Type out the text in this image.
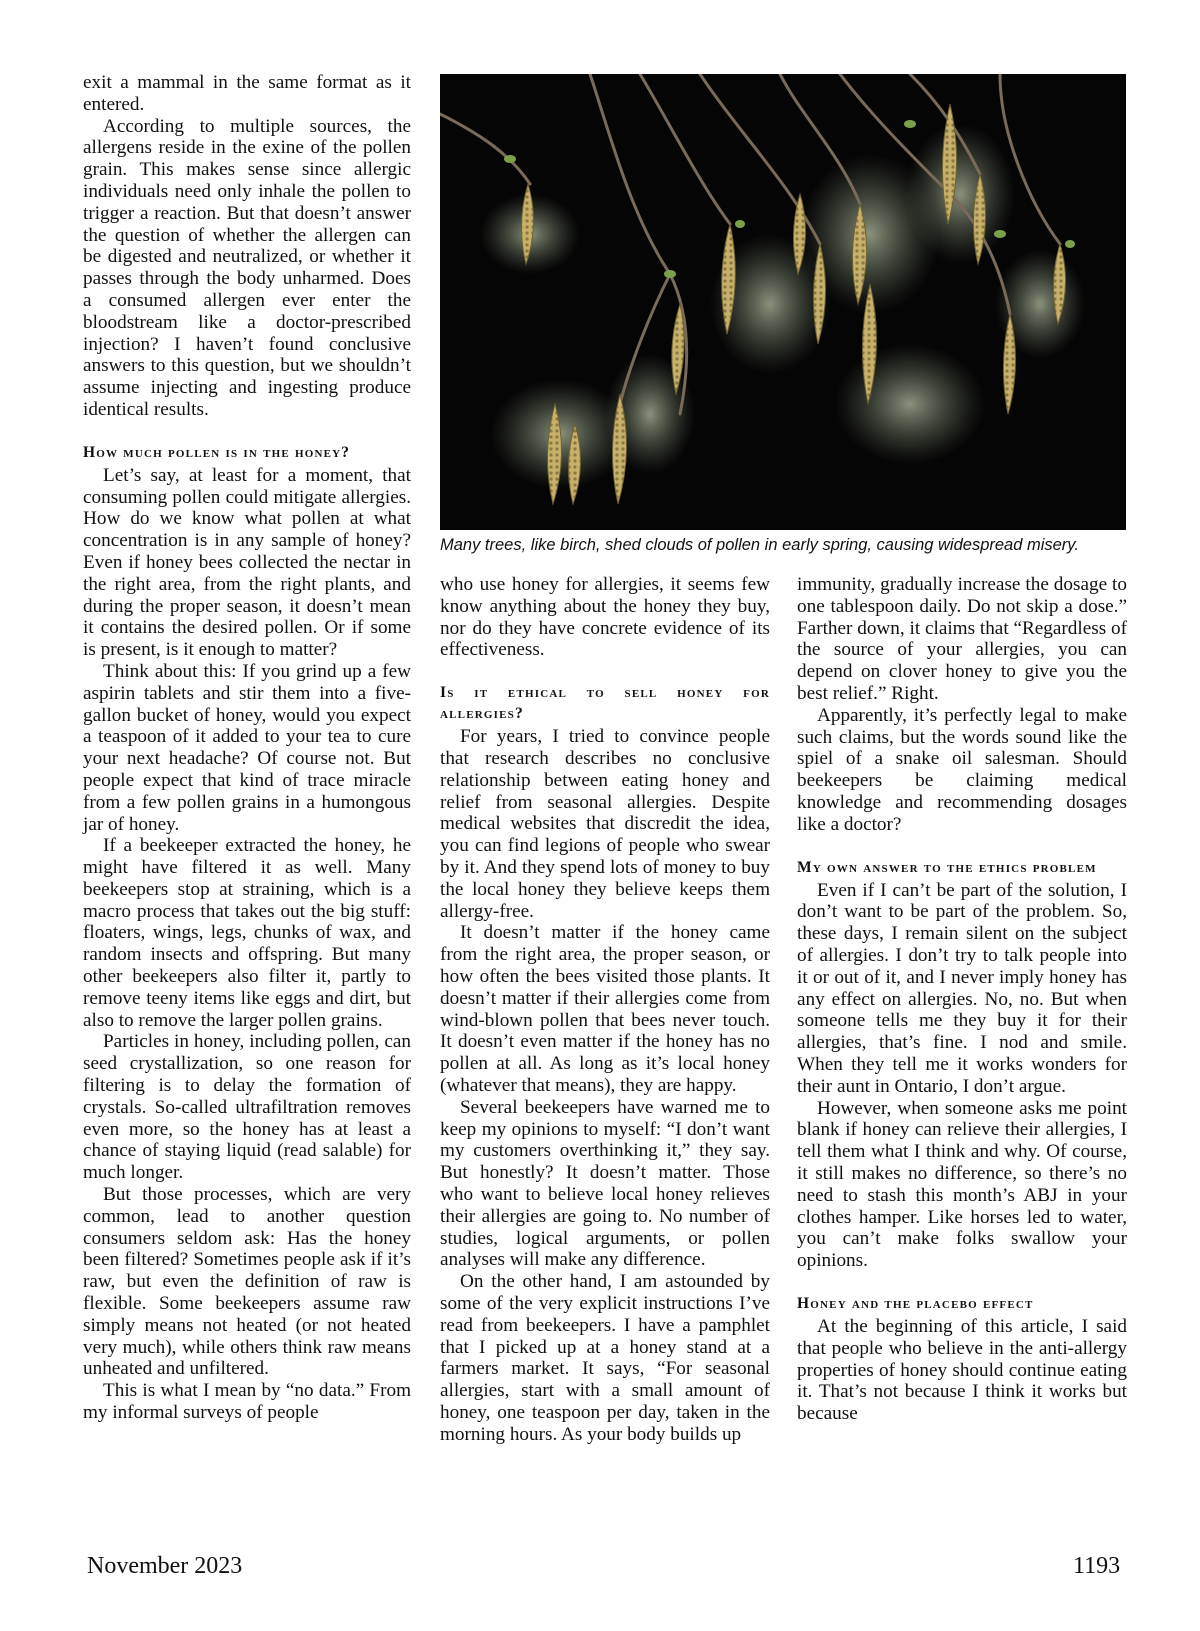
exit a mammal in the same format as it entered.

According to multiple sources, the allergens reside in the exine of the pollen grain. This makes sense since allergic individuals need only inhale the pollen to trigger a reaction. But that doesn’t answer the question of whether the allergen can be digested and neutralized, or whether it passes through the body unharmed. Does a consumed allergen ever enter the bloodstream like a doctor-prescribed injection? I haven’t found conclusive answers to this question, but we shouldn’t assume injecting and ingesting produce identical results.

How much pollen is in the honey?

Let’s say, at least for a moment, that consuming pollen could mitigate allergies. How do we know what pollen at what concentration is in any sample of honey? Even if honey bees collected the nectar in the right area, from the right plants, and during the proper season, it doesn’t mean it contains the desired pollen. Or if some is present, is it enough to matter?

Think about this: If you grind up a few aspirin tablets and stir them into a five-gallon bucket of honey, would you expect a teaspoon of it added to your tea to cure your next headache? Of course not. But people expect that kind of trace miracle from a few pollen grains in a humongous jar of honey.

If a beekeeper extracted the honey, he might have filtered it as well. Many beekeepers stop at straining, which is a macro process that takes out the big stuff: floaters, wings, legs, chunks of wax, and random insects and offspring. But many other beekeepers also filter it, partly to remove teeny items like eggs and dirt, but also to remove the larger pollen grains.

Particles in honey, including pollen, can seed crystallization, so one reason for filtering is to delay the formation of crystals. So-called ultrafiltration removes even more, so the honey has at least a chance of staying liquid (read salable) for much longer.

But those processes, which are very common, lead to another question consumers seldom ask: Has the honey been filtered? Sometimes people ask if it’s raw, but even the definition of raw is flexible. Some beekeepers assume raw simply means not heated (or not heated very much), while others think raw means unheated and unfiltered.

This is what I mean by “no data.” From my informal surveys of people

Many trees, like birch, shed clouds of pollen in early spring, causing widespread misery.

who use honey for allergies, it seems few know anything about the honey they buy, nor do they have concrete evidence of its effectiveness.

Is it ethical to sell honey for allergies?

For years, I tried to convince people that research describes no conclusive relationship between eating honey and relief from seasonal allergies. Despite medical websites that discredit the idea, you can find legions of people who swear by it. And they spend lots of money to buy the local honey they believe keeps them allergy-free.

It doesn’t matter if the honey came from the right area, the proper season, or how often the bees visited those plants. It doesn’t matter if their allergies come from wind-blown pollen that bees never touch. It doesn’t even matter if the honey has no pollen at all. As long as it’s local honey (whatever that means), they are happy.

Several beekeepers have warned me to keep my opinions to myself: “I don’t want my customers overthinking it,” they say. But honestly? It doesn’t matter. Those who want to believe local honey relieves their allergies are going to. No number of studies, logical arguments, or pollen analyses will make any difference.

On the other hand, I am astounded by some of the very explicit instructions I’ve read from beekeepers. I have a pamphlet that I picked up at a honey stand at a farmers market. It says, “For seasonal allergies, start with a small amount of honey, one teaspoon per day, taken in the morning hours. As your body builds up

immunity, gradually increase the dosage to one tablespoon daily. Do not skip a dose.” Farther down, it claims that “Regardless of the source of your allergies, you can depend on clover honey to give you the best relief.” Right.

Apparently, it’s perfectly legal to make such claims, but the words sound like the spiel of a snake oil salesman. Should beekeepers be claiming medical knowledge and recommending dosages like a doctor?

My own answer to the ethics problem

Even if I can’t be part of the solution, I don’t want to be part of the problem. So, these days, I remain silent on the subject of allergies. I don’t try to talk people into it or out of it, and I never imply honey has any effect on allergies. No, no. But when someone tells me they buy it for their allergies, that’s fine. I nod and smile. When they tell me it works wonders for their aunt in Ontario, I don’t argue.

However, when someone asks me point blank if honey can relieve their allergies, I tell them what I think and why. Of course, it still makes no difference, so there’s no need to stash this month’s ABJ in your clothes hamper. Like horses led to water, you can’t make folks swallow your opinions.

Honey and the placebo effect

At the beginning of this article, I said that people who believe in the anti-allergy properties of honey should continue eating it. That’s not because I think it works but because

November 2023	1193
